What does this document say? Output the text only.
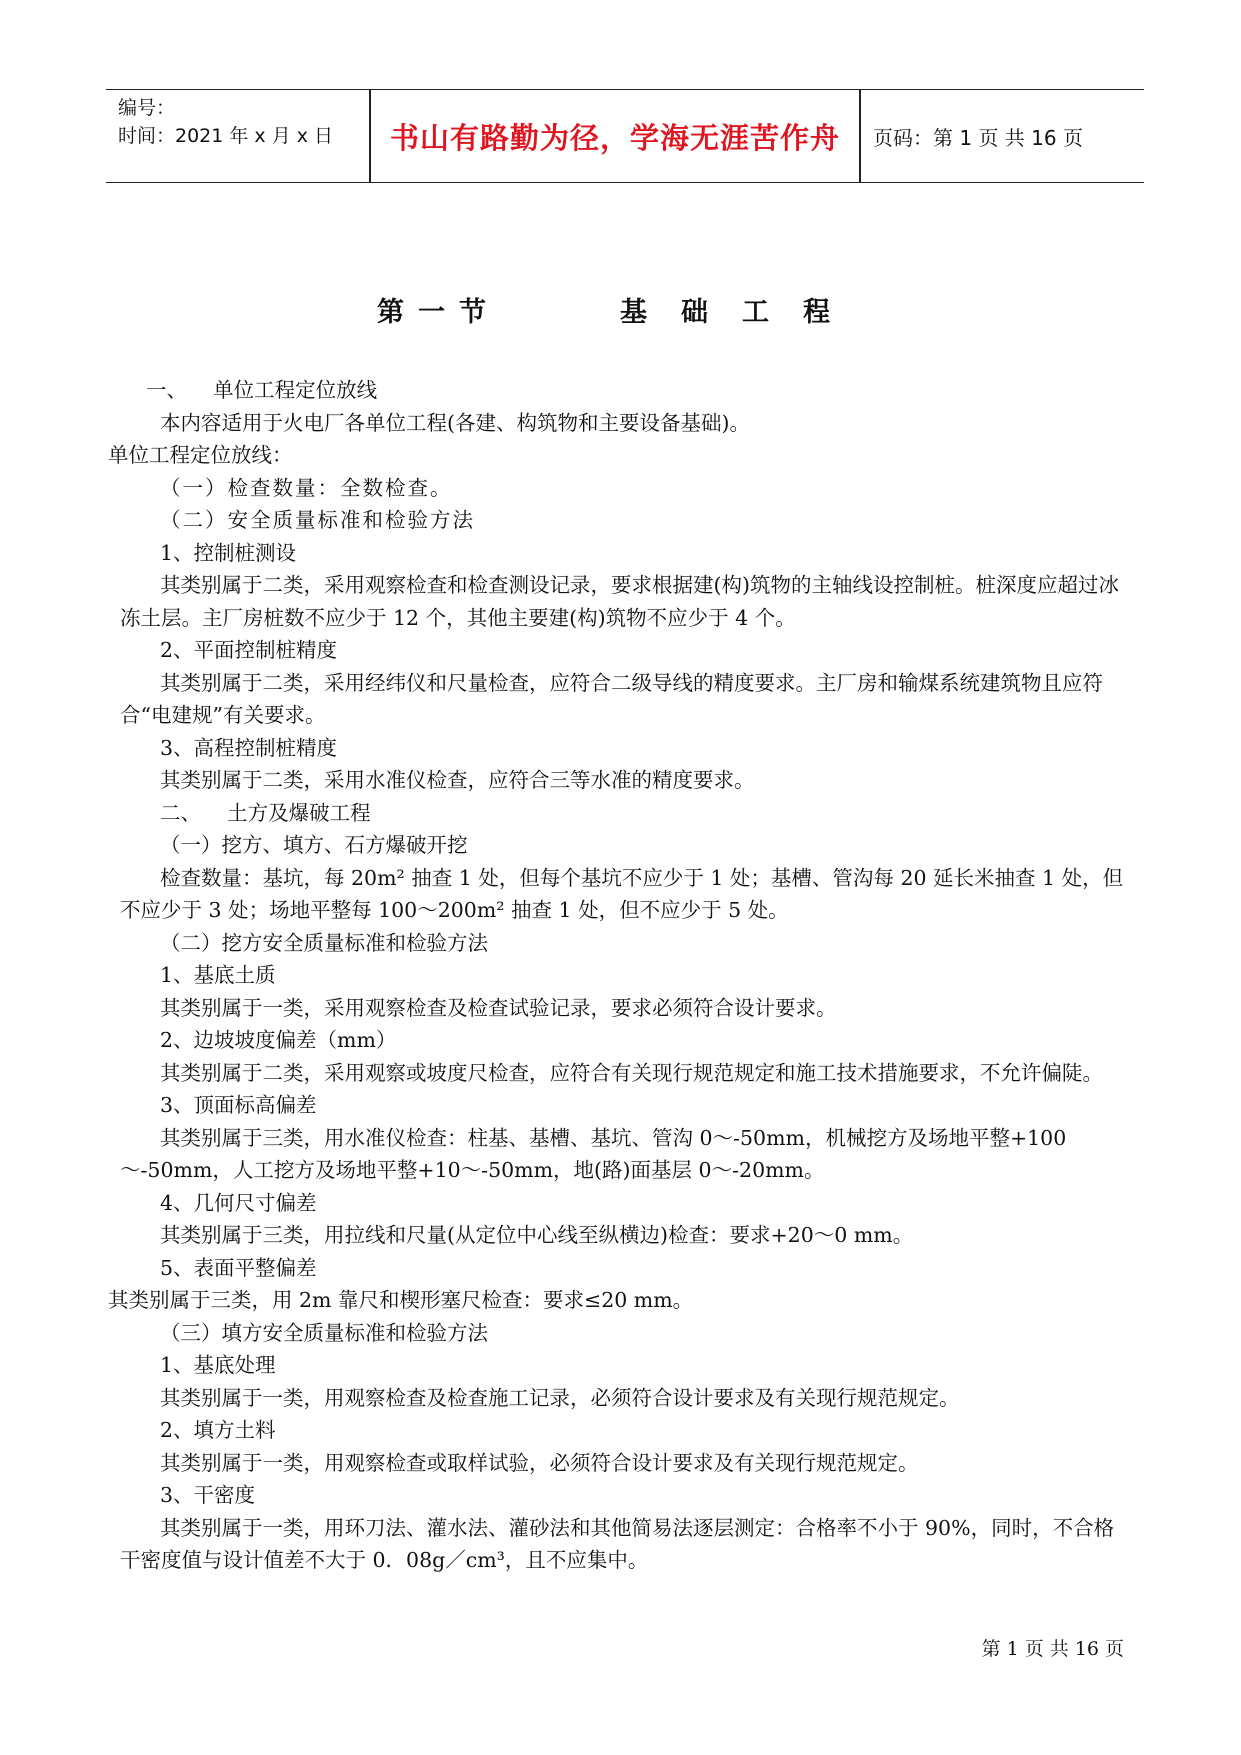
编号：
时间：2021 年 x 月 x 日	书山有路勤为径，学海无涯苦作舟	页码：第 1 页 共 16 页
第一节	基础工程

一、    单位工程定位放线

本内容适用于火电厂各单位工程(各建、构筑物和主要设备基础)。

单位工程定位放线：

（一）检查数量：全数检查。

（二）安全质量标准和检验方法

1、控制桩测设

其类别属于二类，采用观察检查和检查测设记录，要求根据建(构)筑物的主轴线设控制桩。桩深度应超过冰冻土层。主厂房桩数不应少于 12 个，其他主要建(构)筑物不应少于 4 个。

2、平面控制桩精度

其类别属于二类，采用经纬仪和尺量检查，应符合二级导线的精度要求。主厂房和输煤系统建筑物且应符合“电建规”有关要求。

3、高程控制桩精度

其类别属于二类，采用水准仪检查，应符合三等水准的精度要求。

二、    土方及爆破工程

（一）挖方、填方、石方爆破开挖

检查数量：基坑，每 20m² 抽查 1 处，但每个基坑不应少于 1 处；基槽、管沟每 20 延长米抽查 1 处，但不应少于 3 处；场地平整每 100～200m² 抽查 1 处，但不应少于 5 处。

（二）挖方安全质量标准和检验方法

1、基底土质

其类别属于一类，采用观察检查及检查试验记录，要求必须符合设计要求。

2、边坡坡度偏差（mm）

其类别属于二类，采用观察或坡度尺检查，应符合有关现行规范规定和施工技术措施要求，不允许偏陡。

3、顶面标高偏差

其类别属于三类，用水准仪检查：柱基、基槽、基坑、管沟 0～-50mm，机械挖方及场地平整+100～-50mm，人工挖方及场地平整+10～-50mm，地(路)面基层 0～-20mm。

4、几何尺寸偏差

其类别属于三类，用拉线和尺量(从定位中心线至纵横边)检查：要求+20～0 mm。

5、表面平整偏差

其类别属于三类，用 2m 靠尺和楔形塞尺检查：要求≤20 mm。

（三）填方安全质量标准和检验方法

1、基底处理

其类别属于一类，用观察检查及检查施工记录，必须符合设计要求及有关现行规范规定。

2、填方土料

其类别属于一类，用观察检查或取样试验，必须符合设计要求及有关现行规范规定。

3、干密度

其类别属于一类，用环刀法、灌水法、灌砂法和其他简易法逐层测定：合格率不小于 90%，同时，不合格干密度值与设计值差不大于 0．08g／cm³，且不应集中。

第 1 页 共 16 页
